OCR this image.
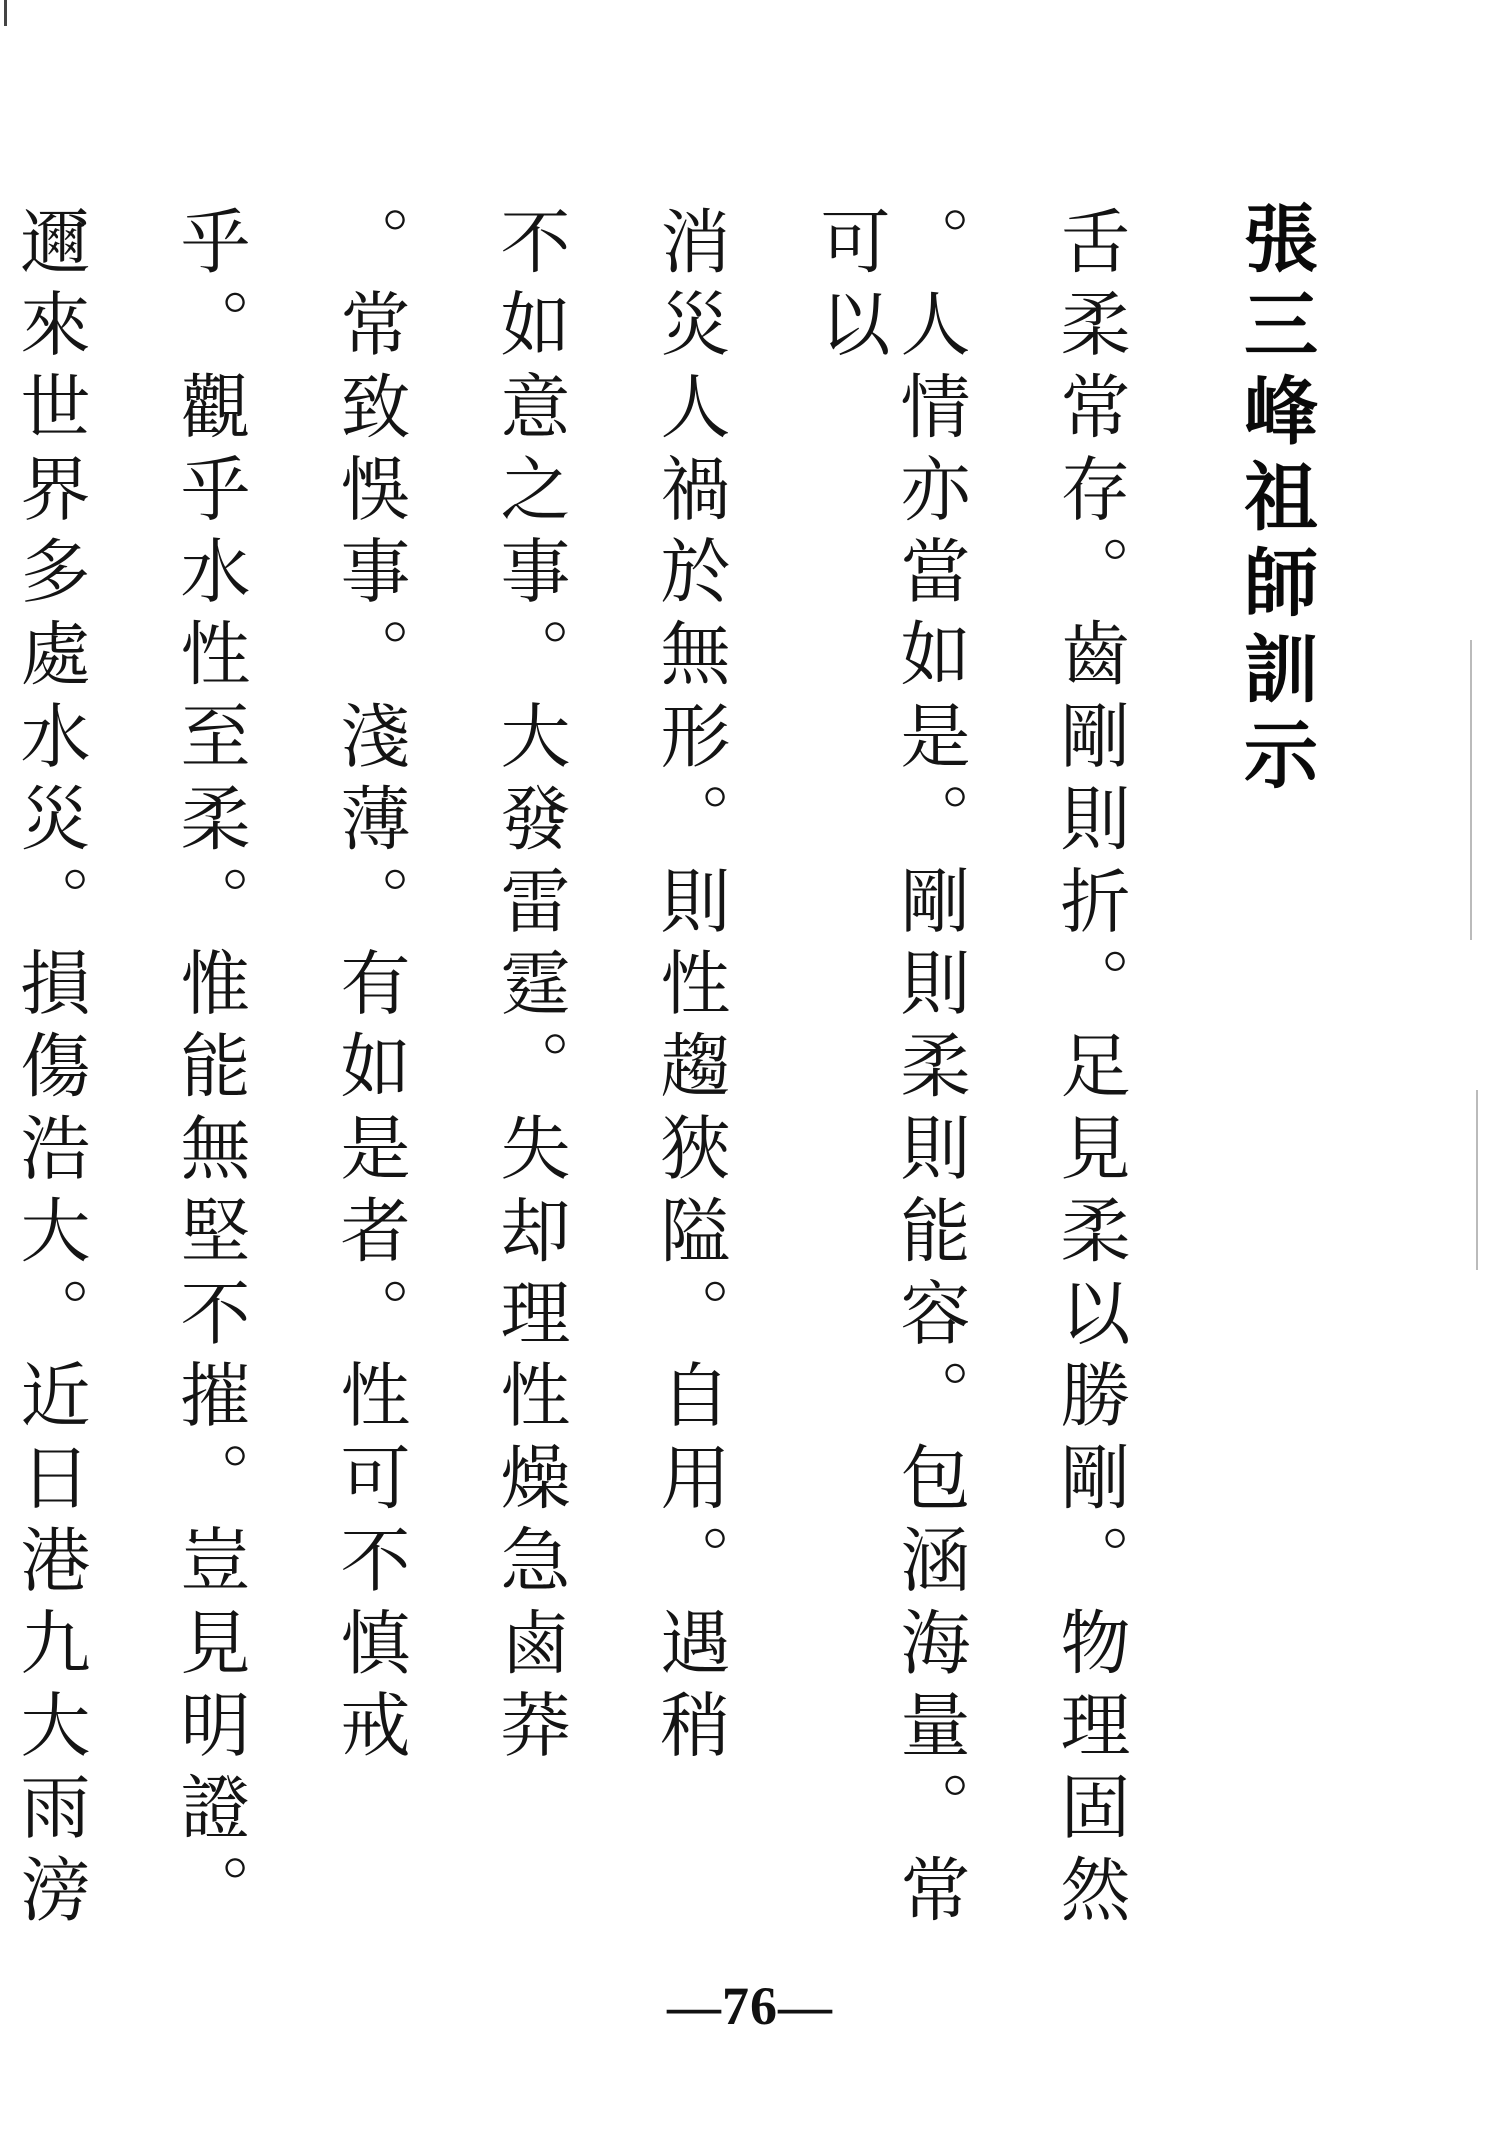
張三峰祖師訓示

舌柔常存。齒剛則折。足見柔以勝剛。物理固然

。人情亦當如是。剛則柔則能容。包涵海量。常可以

消災人禍於無形。則性趨狹隘。自用。遇稍

不如意之事。大發雷霆。失却理性燥急鹵莽

。常致悞事。淺薄。有如是者。性可不慎戒

乎。觀乎水性至柔。惟能無堅不摧。豈見明證。

邇來世界多處水災。損傷浩大。近日港九大雨滂

—76—
